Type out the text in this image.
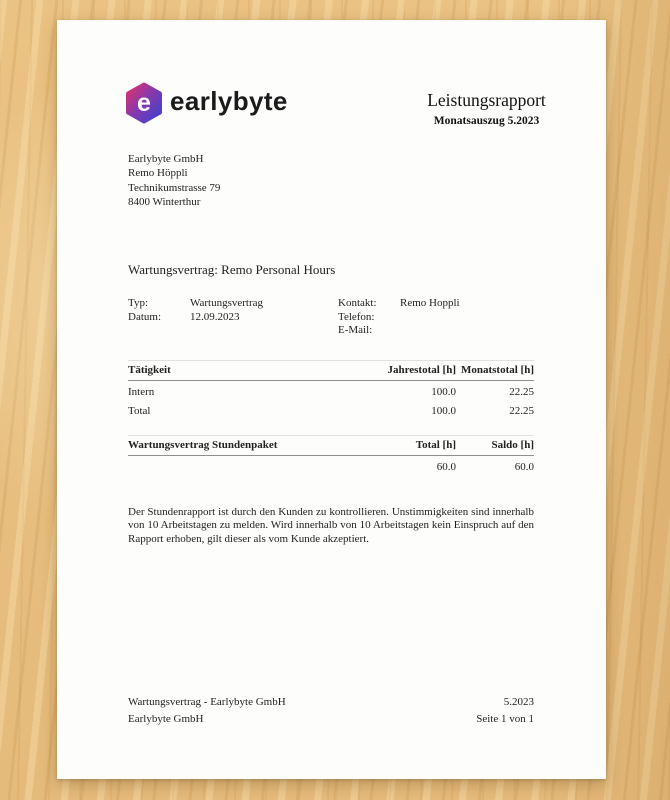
e earlybyte	Leistungsrapport
Monatsauszug 5.2023
Earlybyte GmbH
Remo Höppli
Technikumstrasse 79
8400 Winterthur
Wartungsvertrag: Remo Personal Hours
Typ:	Wartungsvertrag
Datum:	12.09.2023
Kontakt:	Remo Hoppli
Telefon:
E-Mail:
Tätigkeit	Jahrestotal [h]	Monatstotal [h]
Intern	100.0	22.25
Total	100.0	22.25
Wartungsvertrag Stundenpaket	Total [h]	Saldo [h]
	60.0	60.0
Der Stundenrapport ist durch den Kunden zu kontrollieren. Unstimmigkeiten sind innerhalb von 10 Arbeitstagen zu melden. Wird innerhalb von 10 Arbeitstagen kein Einspruch auf den Rapport erhoben, gilt dieser als vom Kunde akzeptiert.
Wartungsvertrag - Earlybyte GmbH
Earlybyte GmbH
5.2023
Seite 1 von 1
